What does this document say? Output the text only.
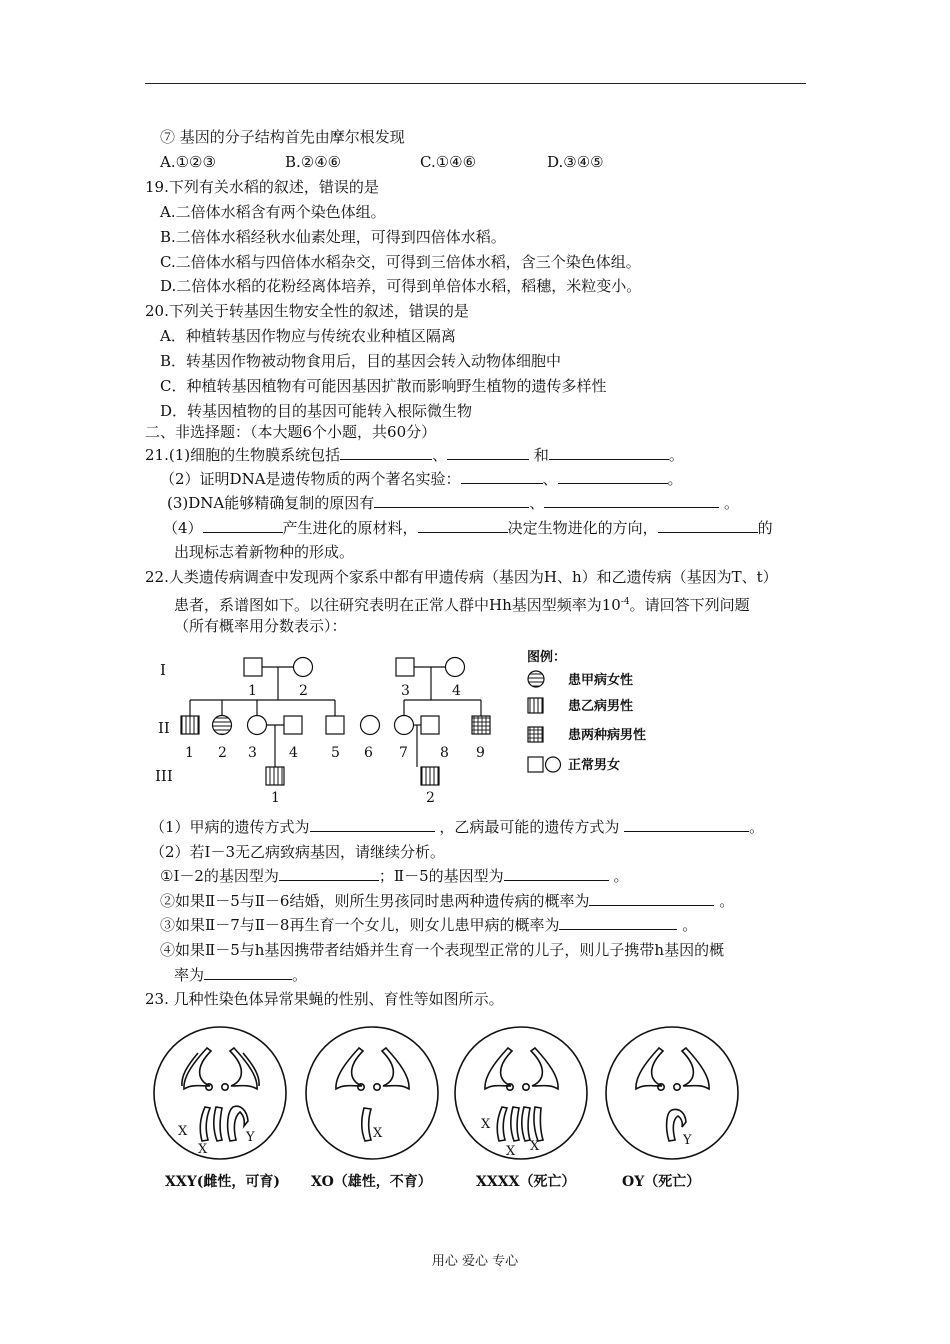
⑦ 基因的分子结构首先由摩尔根发现
A.①②③	B.②④⑥	C.①④⑥	D.③④⑤
19.下列有关水稻的叙述，错误的是
A.二倍体水稻含有两个染色体组。
B.二倍体水稻经秋水仙素处理，可得到四倍体水稻。
C.二倍体水稻与四倍体水稻杂交，可得到三倍体水稻，含三个染色体组。
D.二倍体水稻的花粉经离体培养，可得到单倍体水稻，稻穗，米粒变小。
20.下列关于转基因生物安全性的叙述，错误的是
A．种植转基因作物应与传统农业种植区隔离
B．转基因作物被动物食用后，目的基因会转入动物体细胞中
C．种植转基因植物有可能因基因扩散而影响野生植物的遗传多样性
D．转基因植物的目的基因可能转入根际微生物
二、非选择题：（本大题6个小题，共60分）
21.(1)细胞的生物膜系统包括	、	和	。
（2）证明DNA是遗传物质的两个著名实验：	、	。
(3)DNA能够精确复制的原因有	、	。
（4）	产生进化的原材料，	决定生物进化的方向，	的
出现标志着新物种的形成。
22.人类遗传病调查中发现两个家系中都有甲遗传病（基因为H、h）和乙遗传病（基因为T、t）
患者，系谱图如下。以往研究表明在正常人群中Hh基因型频率为$10^{-4}$。请回答下列问题
（所有概率用分数表示）：
I
II
III
1	2	3	4
1 2 3 4 5 6 7 8 9
1	2
图例：
患甲病女性
患乙病男性
患两种病男性
正常男女
（1）甲病的遗传方式为	，乙病最可能的遗传方式为	。
（2）若Ⅰ－3无乙病致病基因，请继续分析。
①Ⅰ－2的基因型为	；Ⅱ－5的基因型为	。
②如果Ⅱ－5与Ⅱ－6结婚，则所生男孩同时患两种遗传病的概率为	。
③如果Ⅱ－7与Ⅱ－8再生育一个女儿，则女儿患甲病的概率为	。
④如果Ⅱ－5与h基因携带者结婚并生育一个表现型正常的儿子，则儿子携带h基因的概
率为	。
23. 几种性染色体异常果蝇的性别、育性等如图所示。
X
X
Y	X
X
X X	Y
XXY(雌性，可育) XO（雄性，不育）	XXXX（死亡）	OY（死亡）
用心 爱心 专心
